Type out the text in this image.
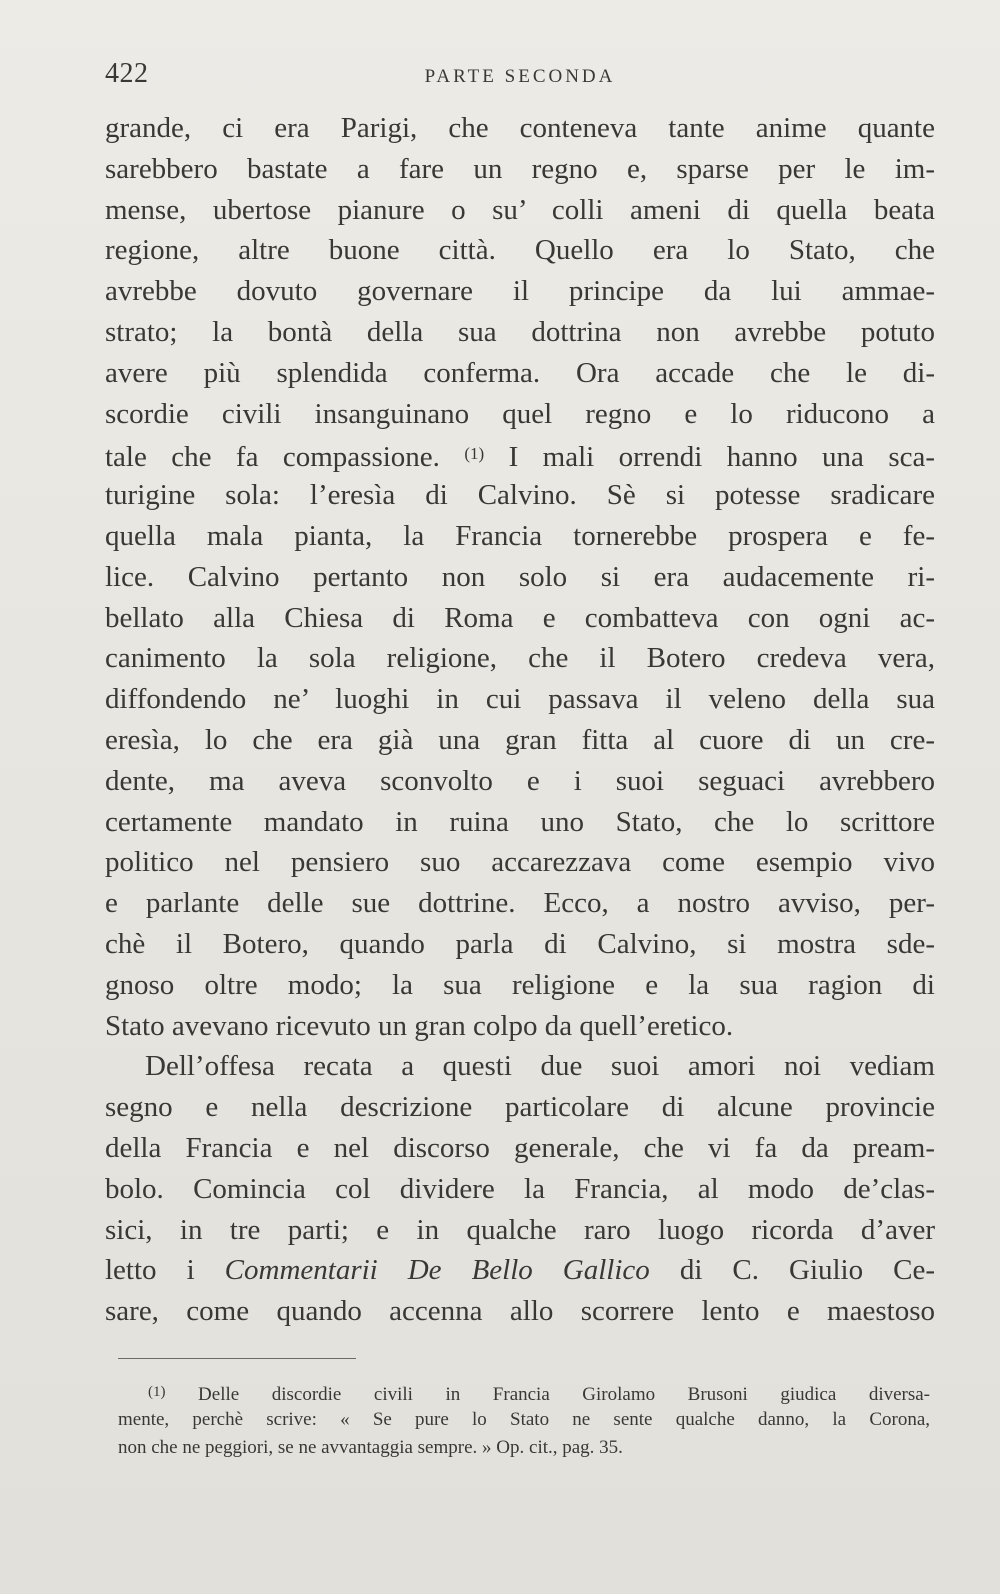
422	PARTE SECONDA
grande, ci era Parigi, che conteneva tante anime quante
sarebbero bastate a fare un regno e, sparse per le im-
mense, ubertose pianure o su’ colli ameni di quella beata
regione, altre buone città. Quello era lo Stato, che
avrebbe dovuto governare il principe da lui ammae-
strato; la bontà della sua dottrina non avrebbe potuto
avere più splendida conferma. Ora accade che le di-
scordie civili insanguinano quel regno e lo riducono a
tale che fa compassione. $^{(1)}$ I mali orrendi hanno una sca-
turigine sola: l’eresìa di Calvino. Sè si potesse sradicare
quella mala pianta, la Francia tornerebbe prospera e fe-
lice. Calvino pertanto non solo si era audacemente ri-
bellato alla Chiesa di Roma e combatteva con ogni ac-
canimento la sola religione, che il Botero credeva vera,
diffondendo ne’ luoghi in cui passava il veleno della sua
eresìa, lo che era già una gran fitta al cuore di un cre-
dente, ma aveva sconvolto e i suoi seguaci avrebbero
certamente mandato in ruina uno Stato, che lo scrittore
politico nel pensiero suo accarezzava come esempio vivo
e parlante delle sue dottrine. Ecco, a nostro avviso, per-
chè il Botero, quando parla di Calvino, si mostra sde-
gnoso oltre modo; la sua religione e la sua ragion di
Stato avevano ricevuto un gran colpo da quell’eretico.
Dell’offesa recata a questi due suoi amori noi vediam
segno e nella descrizione particolare di alcune provincie
della Francia e nel discorso generale, che vi fa da pream-
bolo. Comincia col dividere la Francia, al modo de’clas-
sici, in tre parti; e in qualche raro luogo ricorda d’aver
letto i Commentarii De Bello Gallico di C. Giulio Ce-
sare, come quando accenna allo scorrere lento e maestoso
$^{(1)}$ Delle discordie civili in Francia Girolamo Brusoni giudica diversa-
mente, perchè scrive: « Se pure lo Stato ne sente qualche danno, la Corona,
non che ne peggiori, se ne avvantaggia sempre. » Op. cit., pag. 35.
